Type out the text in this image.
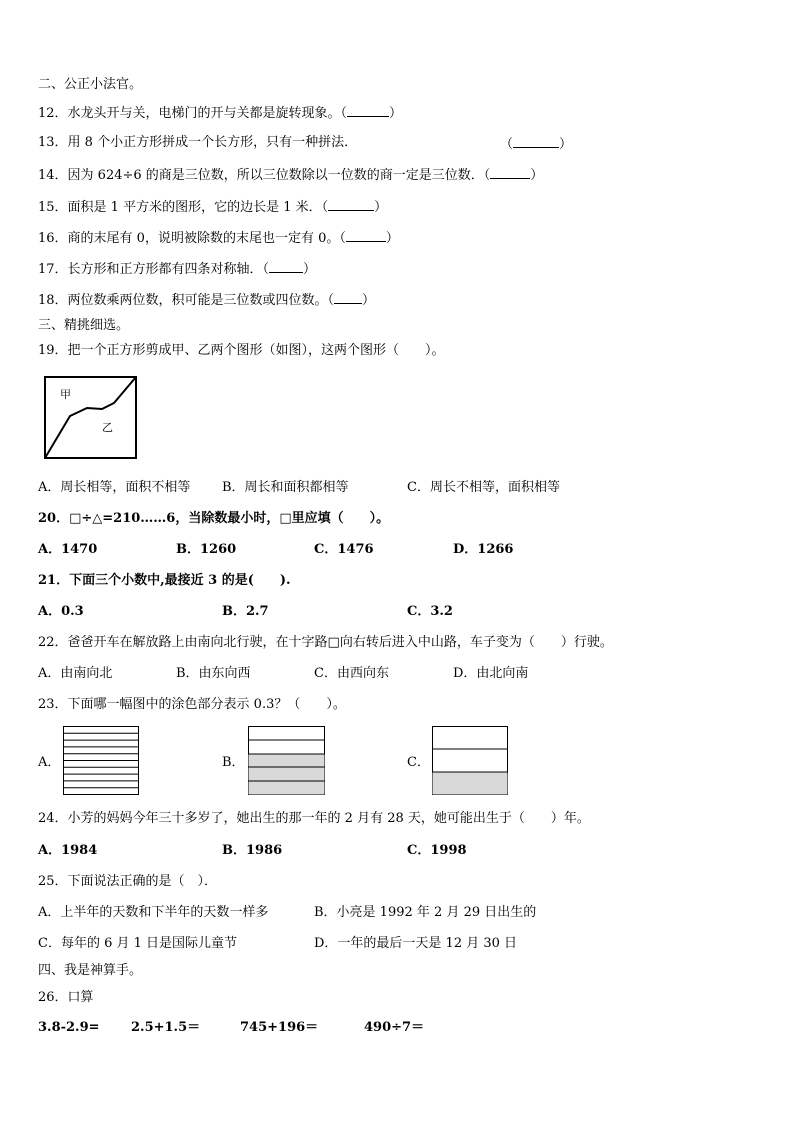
二、公正小法官。
12．水龙头开与关，电梯门的开与关都是旋转现象。（	）
13．用 8 个小正方形拼成一个长方形，只有一种拼法．	（	）
14．因为 624÷6 的商是三位数，所以三位数除以一位数的商一定是三位数．（	）
15．面积是 1 平方米的图形，它的边长是 1 米．（	）
16．商的末尾有 0，说明被除数的末尾也一定有 0。（	）
17．长方形和正方形都有四条对称轴．（	）
18．两位数乘两位数，积可能是三位数或四位数。（ ）
三、精挑细选。
19．把一个正方形剪成甲、乙两个图形（如图），这两个图形（　　）。
甲
乙
A．周长相等，面积不相等 B．周长和面积都相等	C．周长不相等，面积相等
20．□÷△=210……6，当除数最小时，□里应填（　　）。
A．1470	B．1260	C．1476	D．1266
21．下面三个小数中,最接近 3 的是(　　).
A．0.3	B．2.7	C．3.2
22．爸爸开车在解放路上由南向北行驶，在十字路□向右转后进入中山路，车子变为（　　）行驶。
A．由南向北	B．由东向西	C．由西向东	D．由北向南
23．下面哪一幅图中的涂色部分表示 0.3？（　　）。
A．	B．	C．
24．小芳的妈妈今年三十多岁了，她出生的那一年的 2 月有 28 天，她可能出生于（　　）年。
A．1984	B．1986	C．1998
25．下面说法正确的是（　）．
A．上半年的天数和下半年的天数一样多	B．小亮是 1992 年 2 月 29 日出生的
C．每年的 6 月 1 日是国际儿童节	D．一年的最后一天是 12 月 30 日
四、我是神算手。
26．口算
3.8-2.9= 2.5+1.5＝	745+196＝	490÷7＝
